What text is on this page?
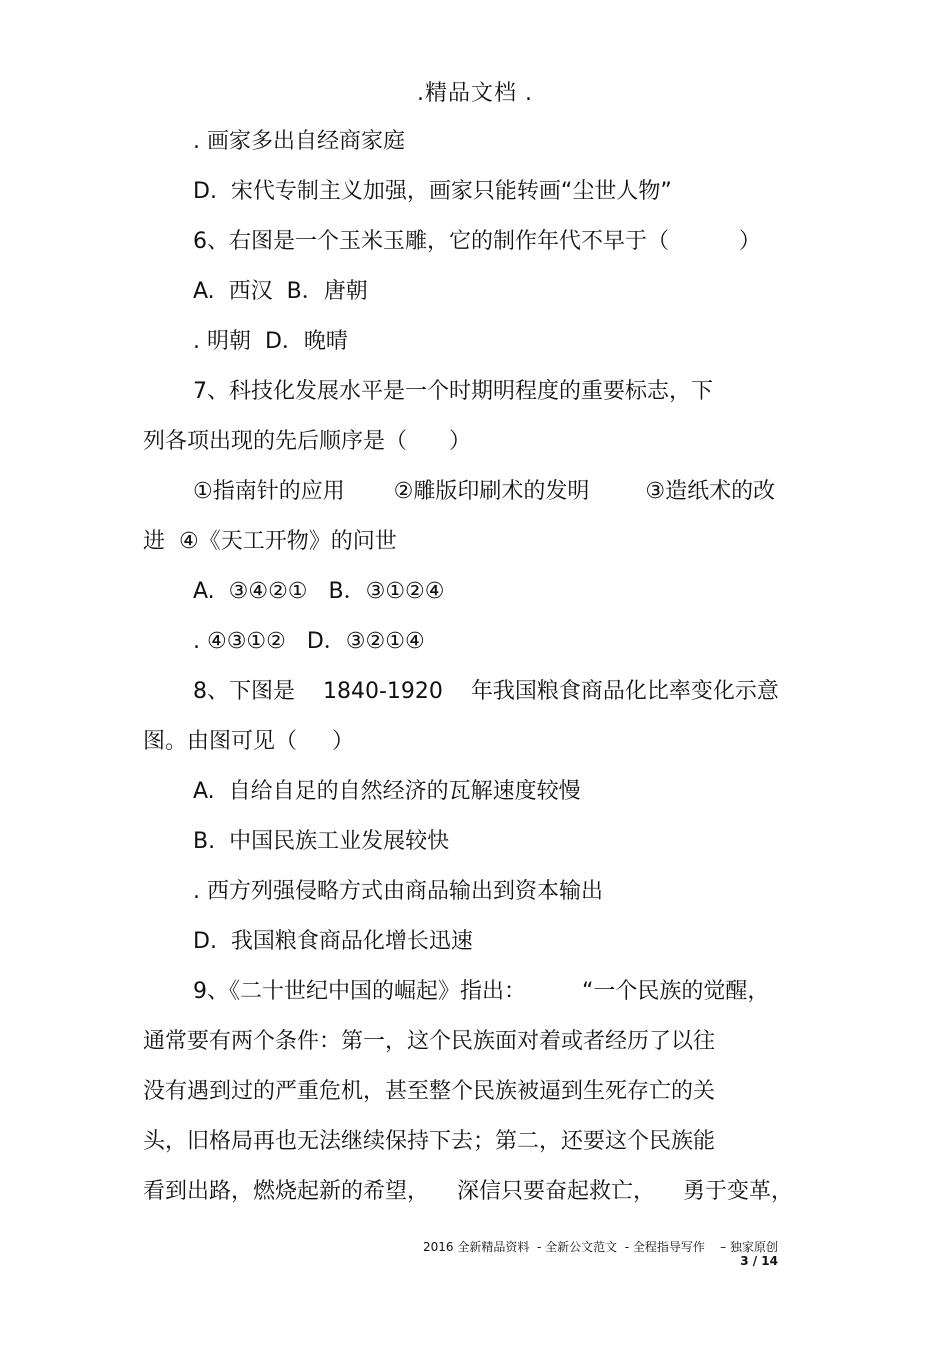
.精品文档 .
. 画家多出自经商家庭
D.  宋代专制主义加强，画家只能转画“尘世人物”
6、右图是一个玉米玉雕，它的制作年代不早于（          ）
A.  西汉  B．唐朝
. 明朝  D．晚晴
7、科技化发展水平是一个时期明程度的重要标志，下
列各项出现的先后顺序是（      ）
①指南针的应用       ②雕版印刷术的发明        ③造纸术的改
进  ④《天工开物》的问世
A.  ③④②①   B．③①②④
. ④③①②   D．③②①④
8、下图是    1840-1920    年我国粮食商品化比率变化示意
图。由图可见（     ）
A.  自给自足的自然经济的瓦解速度较慢
B.  中国民族工业发展较快
. 西方列强侵略方式由商品输出到资本输出
D.  我国粮食商品化增长迅速
9、《二十世纪中国的崛起》指出：        “一个民族的觉醒，
通常要有两个条件：第一，这个民族面对着或者经历了以往
没有遇到过的严重危机，甚至整个民族被逼到生死存亡的关
头，旧格局再也无法继续保持下去；第二，还要这个民族能
看到出路，燃烧起新的希望，    深信只要奋起救亡，    勇于变革，
2016 全新精品资料  - 全新公文范文  - 全程指导写作    – 独家原创
3 / 14
